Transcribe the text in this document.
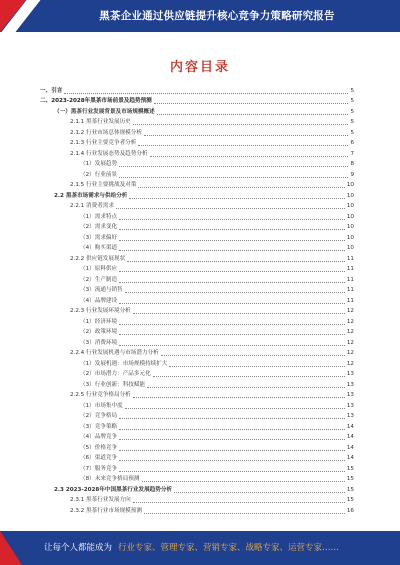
黑茶企业通过供应链提升核心竞争力策略研究报告
内容目录
一、引言	5
二、2023-2028年黑茶市场前景及趋势预测	5
（一）黑茶行业发展背景及市场规模概述	5
2.1.1 黑茶行业发展历史	5
2.1.2 行业市场总体规模分析	5
2.1.3 行业主要竞争者分析	6
2.1.4 行业发展态势及趋势分析	7
（1）发展趋势	8
（2）行业前景	9
2.1.5 行业主要挑战及对策	10
2.2 黑茶市场需求与供给分析	10
2.2.1 消费者需求	10
（1）需求特点	10
（2）需求变化	10
（3）需求偏好	10
（4）购买渠道	10
2.2.2 供应链发展现状	11
（1）原料供应	11
（2）生产制造	11
（3）流通与销售	11
（4）品牌建设	11
2.2.3 行业发展环境分析	12
（1）经济环境	12
（2）政策环境	12
（3）消费环境	12
2.2.4 行业发展机遇与市场潜力分析	12
（1）发展机遇：市场规模持续扩大	12
（2）市场潜力：产品多元化	13
（3）行业创新：科技赋能	13
2.2.5 行业竞争格局分析	13
（1）市场集中度	13
（2）竞争格局	13
（3）竞争策略	14
（4）品牌竞争	14
（5）价格竞争	14
（6）渠道竞争	14
（7）服务竞争	15
（8）未来竞争格局预测	15
2.3 2023-2028年中国黑茶行业发展趋势分析	15
2.3.1 黑茶行业发展方向	15
2.3.2 黑茶行业市场规模预测	16
让每个人都能成为 行业专家、管理专家、营销专家、战略专家、运营专家……
